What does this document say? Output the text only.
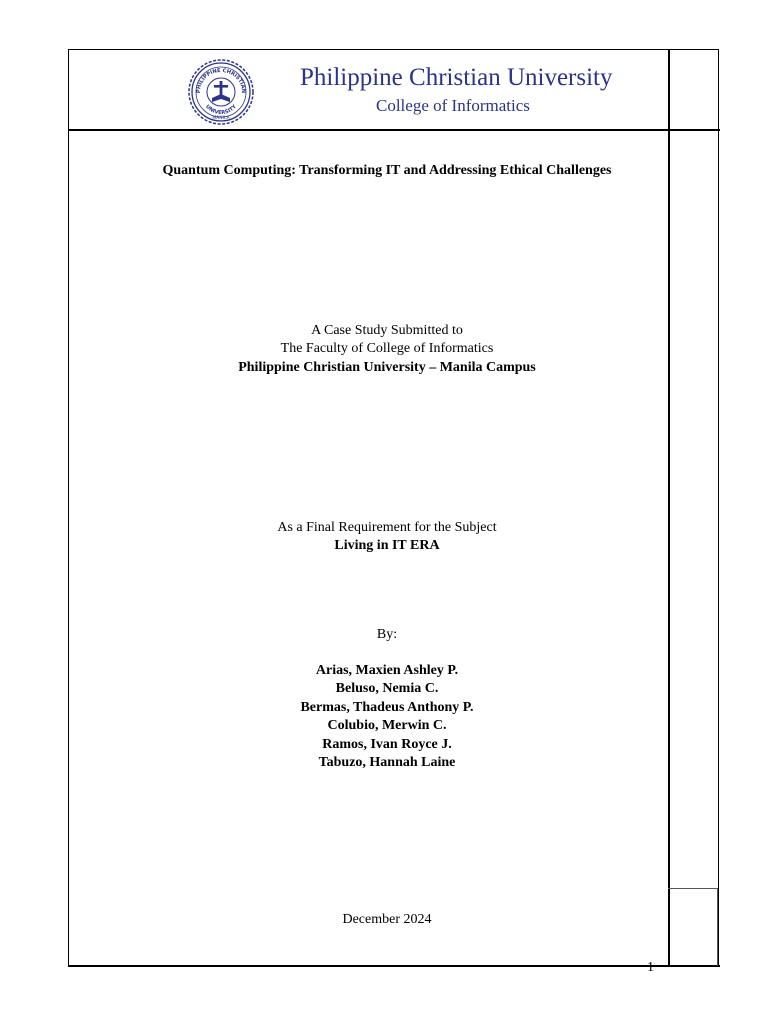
PHILIPPINE CHRISTIAN
UNIVERSITY
MANILA
Philippine Christian University
College of Informatics
Quantum Computing: Transforming IT and Addressing Ethical Challenges
A Case Study Submitted to
The Faculty of College of Informatics
Philippine Christian University – Manila Campus
As a Final Requirement for the Subject
Living in IT ERA
By:
Arias, Maxien Ashley P.
Beluso, Nemia C.
Bermas, Thadeus Anthony P.
Colubio, Merwin C.
Ramos, Ivan Royce J.
Tabuzo, Hannah Laine
December 2024
1
